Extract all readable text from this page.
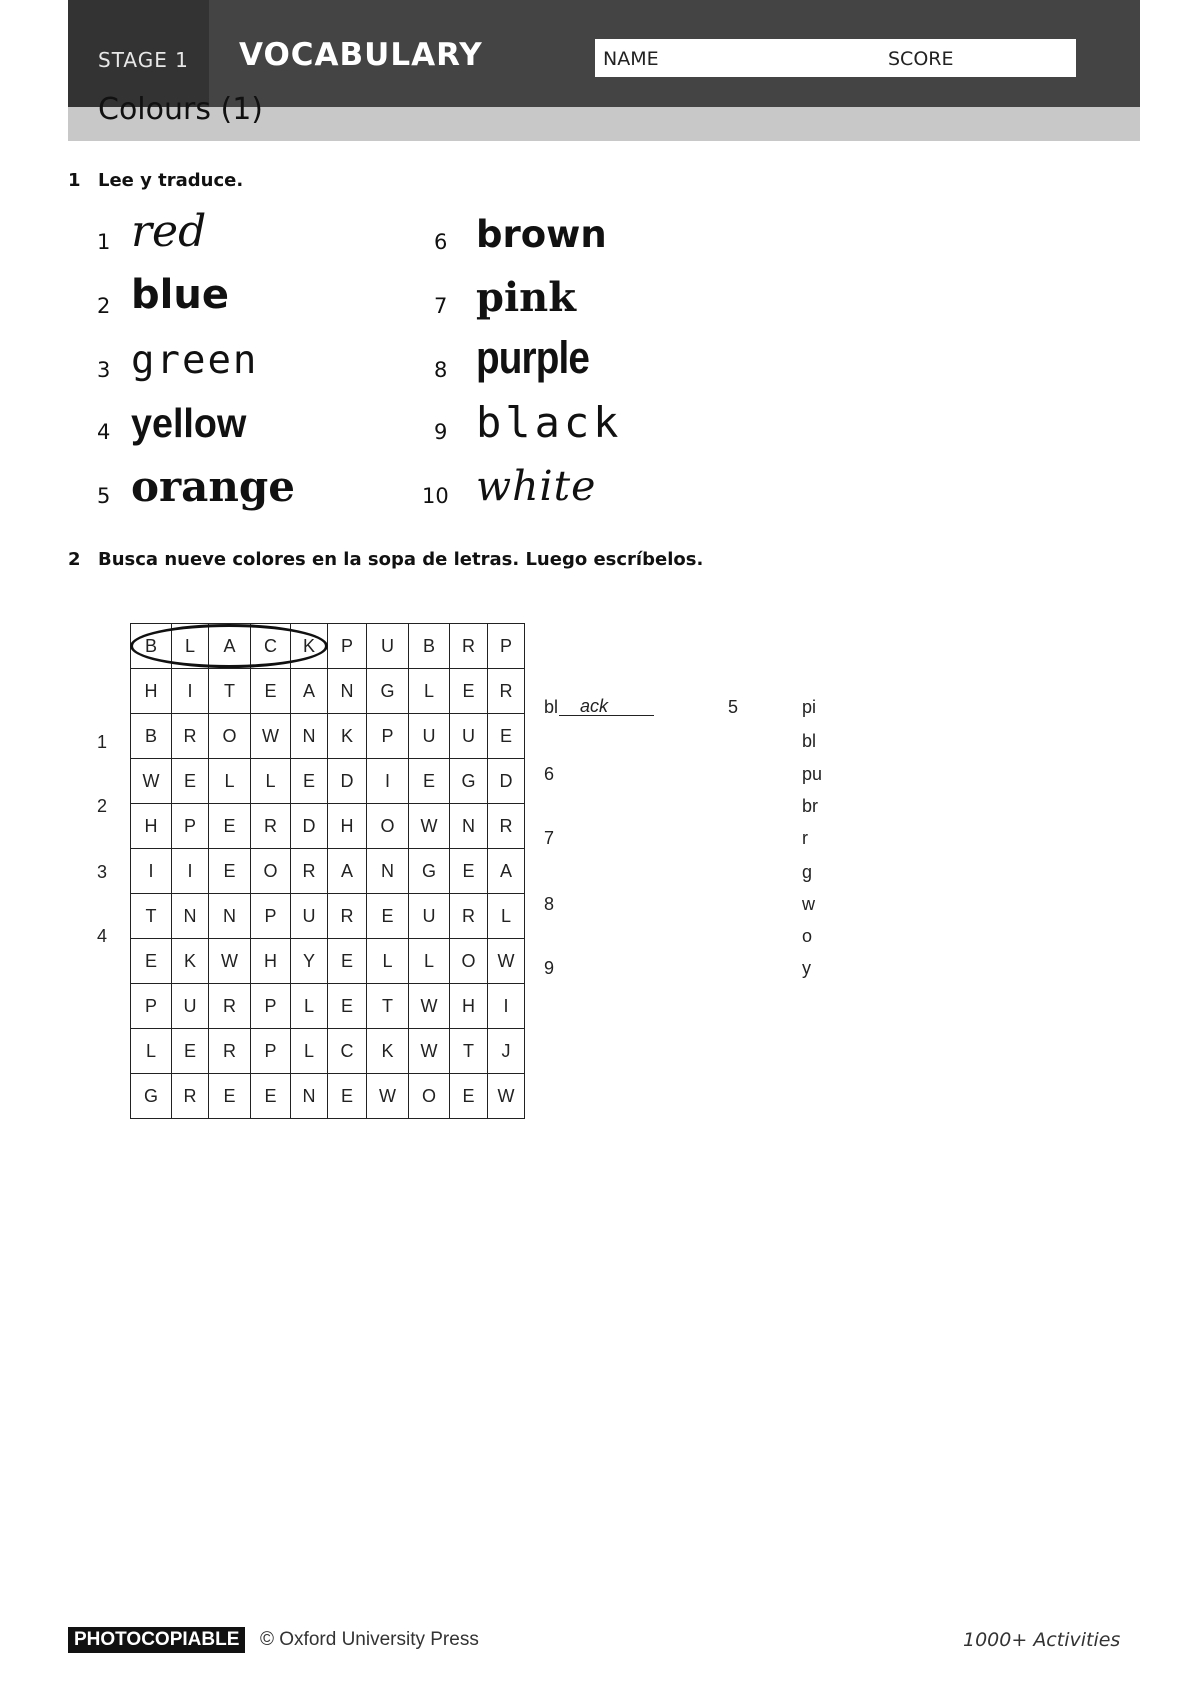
STAGE 1 VOCABULARY	NAME	SCORE
Colours (1)
1 Lee y traduce.
1 red
2 blue
3 green
4 yellow
5 orange
6 brown
7 pink
8 purple
9 black
10 white
2 Busca nueve colores en la sopa de letras. Luego escríbelos.
B	L	A	C	K	P	U	B	R	P
H	I	T	E	A	N	G	L	E	R
B	R	O	W	N	K	P	U	U	E
W	E	L	L	E	D	I	E	G	D
H	P	E	R	D	H	O	W	N	R
I	I	E	O	R	A	N	G	E	A
T	N	N	P	U	R	E	U	R	L
E	K	W	H	Y	E	L	L	O	W
P	U	R	P	L	E	T	W	H	I
L	E	R	P	L	C	K	W	T	J
G	R	E	E	N	E	W	O	E	W
1
2
3
4
bl ack	5
6
7
8
9
pi
bl
pu
br
r
g
w
o
y
PHOTOCOPIABLE	© Oxford University Press	1000+ Activities
